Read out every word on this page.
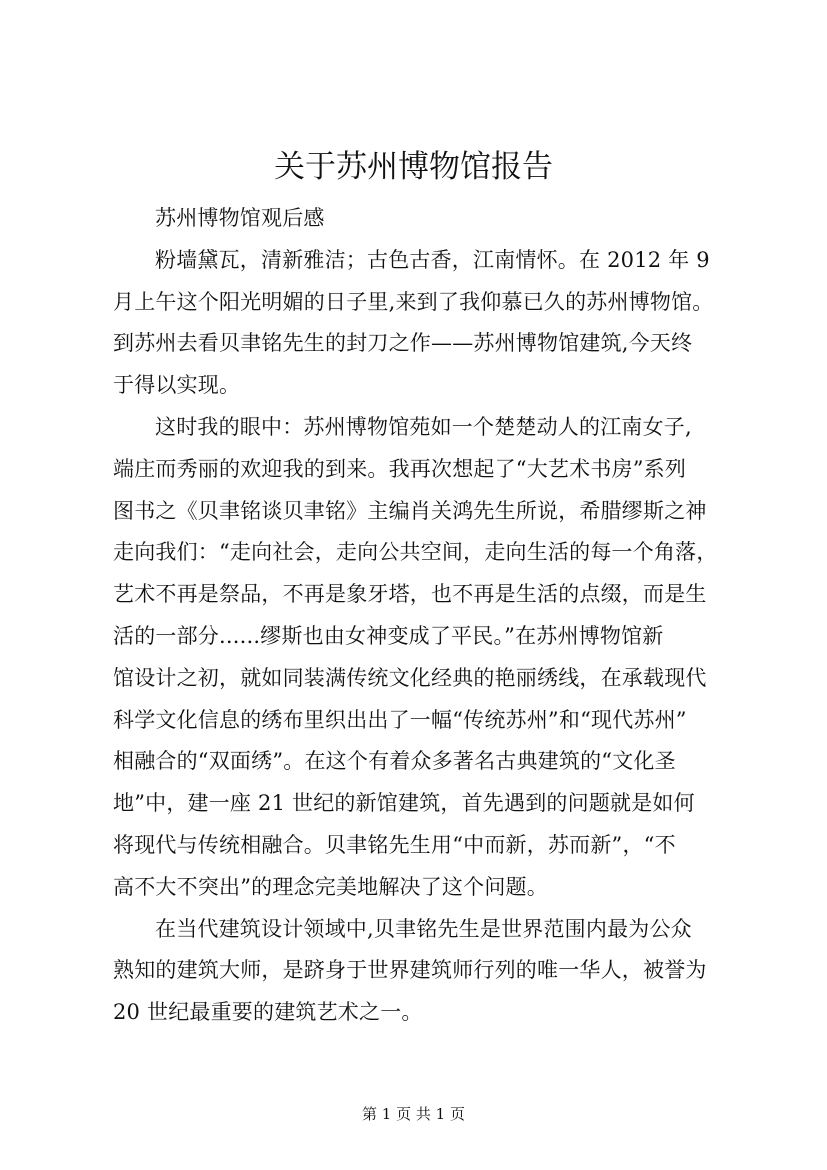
关于苏州博物馆报告
苏州博物馆观后感
粉墙黛瓦，清新雅洁；古色古香，江南情怀。在 2012 年 9
月上午这个阳光明媚的日子里,来到了我仰慕已久的苏州博物馆。
到苏州去看贝聿铭先生的封刀之作——苏州博物馆建筑,今天终
于得以实现。
这时我的眼中：苏州博物馆苑如一个楚楚动人的江南女子,
端庄而秀丽的欢迎我的到来。我再次想起了“大艺术书房”系列
图书之《贝聿铭谈贝聿铭》主编肖关鸿先生所说，希腊缪斯之神
走向我们：“走向社会，走向公共空间，走向生活的每一个角落，
艺术不再是祭品，不再是象牙塔，也不再是生活的点缀，而是生
活的一部分......缪斯也由女神变成了平民。”在苏州博物馆新
馆设计之初，就如同装满传统文化经典的艳丽绣线，在承载现代
科学文化信息的绣布里织出出了一幅“传统苏州”和“现代苏州”
相融合的“双面绣”。在这个有着众多著名古典建筑的“文化圣
地”中，建一座 21 世纪的新馆建筑，首先遇到的问题就是如何
将现代与传统相融合。贝聿铭先生用“中而新，苏而新”，“不
高不大不突出”的理念完美地解决了这个问题。
在当代建筑设计领域中,贝聿铭先生是世界范围内最为公众
熟知的建筑大师，是跻身于世界建筑师行列的唯一华人，被誉为
20 世纪最重要的建筑艺术之一。
第 1 页 共 1 页
